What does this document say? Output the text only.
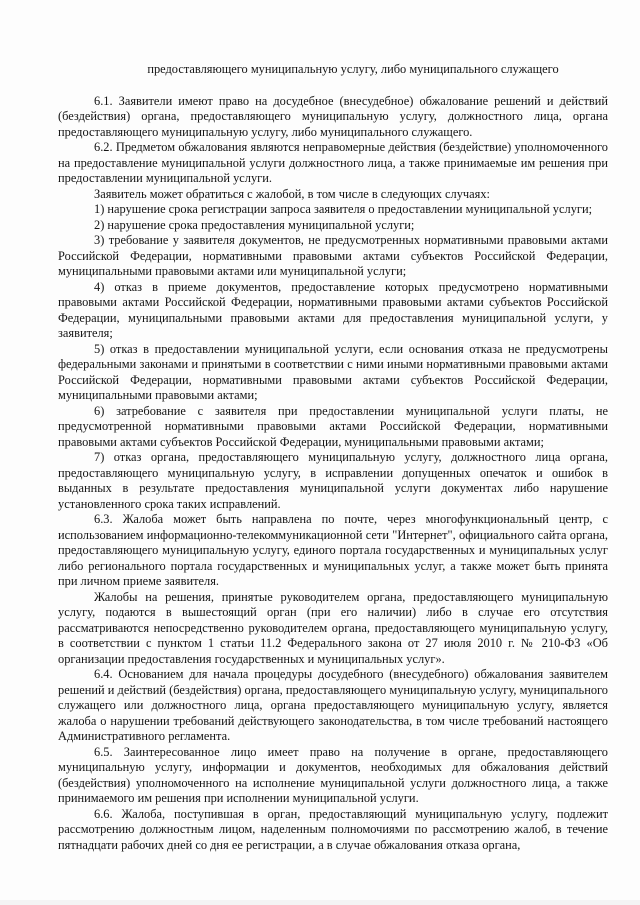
предоставляющего муниципальную услугу, либо муниципального служащего

6.1. Заявители имеют право на досудебное (внесудебное) обжалование решений и действий (бездействия) органа, предоставляющего муниципальную услугу, должностного лица, органа предоставляющего муниципальную услугу, либо муниципального служащего.

6.2. Предметом обжалования являются неправомерные действия (бездействие) уполномоченного на предоставление муниципальной услуги должностного лица, а также принимаемые им решения при предоставлении муниципальной услуги.

Заявитель может обратиться с жалобой, в том числе в следующих случаях:

1) нарушение срока регистрации запроса заявителя о предоставлении муниципальной услуги;

2) нарушение срока предоставления муниципальной услуги;

3) требование у заявителя документов, не предусмотренных нормативными правовыми актами Российской Федерации, нормативными правовыми актами субъектов Российской Федерации, муниципальными правовыми актами или муниципальной услуги;

4) отказ в приеме документов, предоставление которых предусмотрено нормативными правовыми актами Российской Федерации, нормативными правовыми актами субъектов Российской Федерации, муниципальными правовыми актами для предоставления муниципальной услуги, у заявителя;

5) отказ в предоставлении муниципальной услуги, если основания отказа не предусмотрены федеральными законами и принятыми в соответствии с ними иными нормативными правовыми актами Российской Федерации, нормативными правовыми актами субъектов Российской Федерации, муниципальными правовыми актами;

6) затребование с заявителя при предоставлении муниципальной услуги платы, не предусмотренной нормативными правовыми актами Российской Федерации, нормативными правовыми актами субъектов Российской Федерации, муниципальными правовыми актами;

7) отказ органа, предоставляющего муниципальную услугу, должностного лица органа, предоставляющего муниципальную услугу, в исправлении допущенных опечаток и ошибок в выданных в результате предоставления муниципальной услуги документах либо нарушение установленного срока таких исправлений.

6.3. Жалоба может быть направлена по почте, через многофункциональный центр, с использованием информационно-телекоммуникационной сети "Интернет", официального сайта органа, предоставляющего муниципальную услугу, единого портала государственных и муниципальных услуг либо регионального портала государственных и муниципальных услуг, а также может быть принята при личном приеме заявителя.

Жалобы на решения, принятые руководителем органа, предоставляющего муниципальную услугу, подаются в вышестоящий орган (при его наличии) либо в случае его отсутствия рассматриваются непосредственно руководителем органа, предоставляющего муниципальную услугу, в соответствии с пунктом 1 статьи 11.2 Федерального закона от 27 июля 2010 г. № 210-ФЗ «Об организации предоставления государственных и муниципальных услуг».

6.4. Основанием для начала процедуры досудебного (внесудебного) обжалования заявителем решений и действий (бездействия) органа, предоставляющего муниципальную услугу, муниципального служащего или должностного лица, органа предоставляющего муниципальную услугу, является жалоба о нарушении требований действующего законодательства, в том числе требований настоящего Административного регламента.

6.5. Заинтересованное лицо имеет право на получение в органе, предоставляющего муниципальную услугу, информации и документов, необходимых для обжалования действий (бездействия) уполномоченного на исполнение муниципальной услуги должностного лица, а также принимаемого им решения при исполнении муниципальной услуги.

6.6. Жалоба, поступившая в орган, предоставляющий муниципальную услугу, подлежит рассмотрению должностным лицом, наделенным полномочиями по рассмотрению жалоб, в течение пятнадцати рабочих дней со дня ее регистрации, а в случае обжалования отказа органа,
